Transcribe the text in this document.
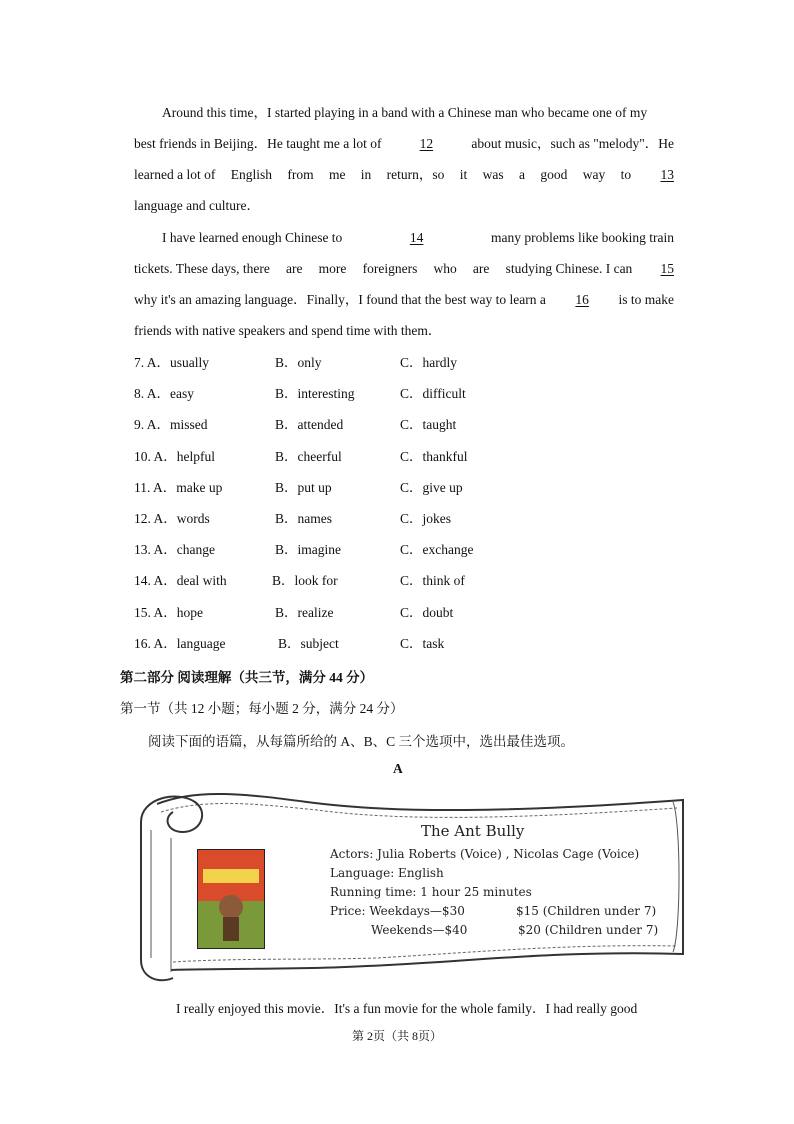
Around this time，I started playing in a band with a Chinese man who became one of my
best friends in Beijing．He taught me a lot of	12	about music，such as "melody"．He
learned a lot of English from me in return，so it was a good way to	13
language and culture．
I have learned enough Chinese to	14	many problems like booking train
tickets. These days, there are more foreigners who are studying Chinese. I can	15
why it's an amazing language．Finally，I found that the best way to learn a	16	is to make
friends with native speakers and spend time with them．
7. A．usually	B．only	C．hardly
8. A．easy	B．interesting	C．difficult
9. A．missed	B．attended	C．taught
10. A．helpful	B．cheerful	C．thankful
11. A．make up	B．put up	C．give up
12. A．words	B．names	C．jokes
13. A．change	B．imagine	C．exchange
14. A．deal with	B．look for	C．think of
15. A．hope	B．realize	C．doubt
16. A．language	B．subject	C．task
第二部分 阅读理解（共三节，满分 44 分）
第一节（共 12 小题；每小题 2 分，满分 24 分）
阅读下面的语篇，从每篇所给的 A、B、C 三个选项中，选出最佳选项。
A
The Ant Bully
Actors: Julia Roberts (Voice) , Nicolas Cage (Voice)
Language: English
Running time: 1 hour 25 minutes
Price: Weekdays—$30	$15 (Children under 7)
Weekends—$40	$20 (Children under 7)
I really enjoyed this movie．It's a fun movie for the whole family．I had really good
第 2页（共 8页）
